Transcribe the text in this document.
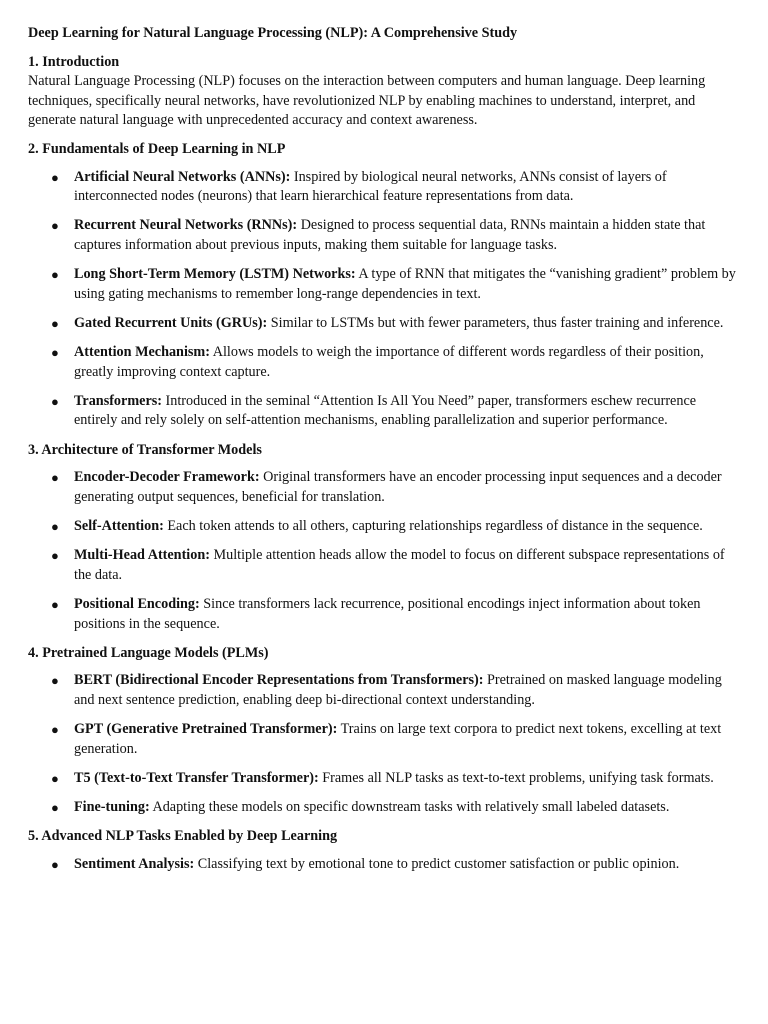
Deep Learning for Natural Language Processing (NLP): A Comprehensive Study
1. Introduction
Natural Language Processing (NLP) focuses on the interaction between computers and human language. Deep learning techniques, specifically neural networks, have revolutionized NLP by enabling machines to understand, interpret, and generate natural language with unprecedented accuracy and context awareness.
2. Fundamentals of Deep Learning in NLP
● Artificial Neural Networks (ANNs): Inspired by biological neural networks, ANNs consist of layers of interconnected nodes (neurons) that learn hierarchical feature representations from data.
● Recurrent Neural Networks (RNNs): Designed to process sequential data, RNNs maintain a hidden state that captures information about previous inputs, making them suitable for language tasks.
● Long Short-Term Memory (LSTM) Networks: A type of RNN that mitigates the “vanishing gradient” problem by using gating mechanisms to remember long-range dependencies in text.
● Gated Recurrent Units (GRUs): Similar to LSTMs but with fewer parameters, thus faster training and inference.
● Attention Mechanism: Allows models to weigh the importance of different words regardless of their position, greatly improving context capture.
● Transformers: Introduced in the seminal “Attention Is All You Need” paper, transformers eschew recurrence entirely and rely solely on self-attention mechanisms, enabling parallelization and superior performance.
3. Architecture of Transformer Models
● Encoder-Decoder Framework: Original transformers have an encoder processing input sequences and a decoder generating output sequences, beneficial for translation.
● Self-Attention: Each token attends to all others, capturing relationships regardless of distance in the sequence.
● Multi-Head Attention: Multiple attention heads allow the model to focus on different subspace representations of the data.
● Positional Encoding: Since transformers lack recurrence, positional encodings inject information about token positions in the sequence.
4. Pretrained Language Models (PLMs)
● BERT (Bidirectional Encoder Representations from Transformers): Pretrained on masked language modeling and next sentence prediction, enabling deep bi-directional context understanding.
● GPT (Generative Pretrained Transformer): Trains on large text corpora to predict next tokens, excelling at text generation.
● T5 (Text-to-Text Transfer Transformer): Frames all NLP tasks as text-to-text problems, unifying task formats.
● Fine-tuning: Adapting these models on specific downstream tasks with relatively small labeled datasets.
5. Advanced NLP Tasks Enabled by Deep Learning
● Sentiment Analysis: Classifying text by emotional tone to predict customer satisfaction or public opinion.
